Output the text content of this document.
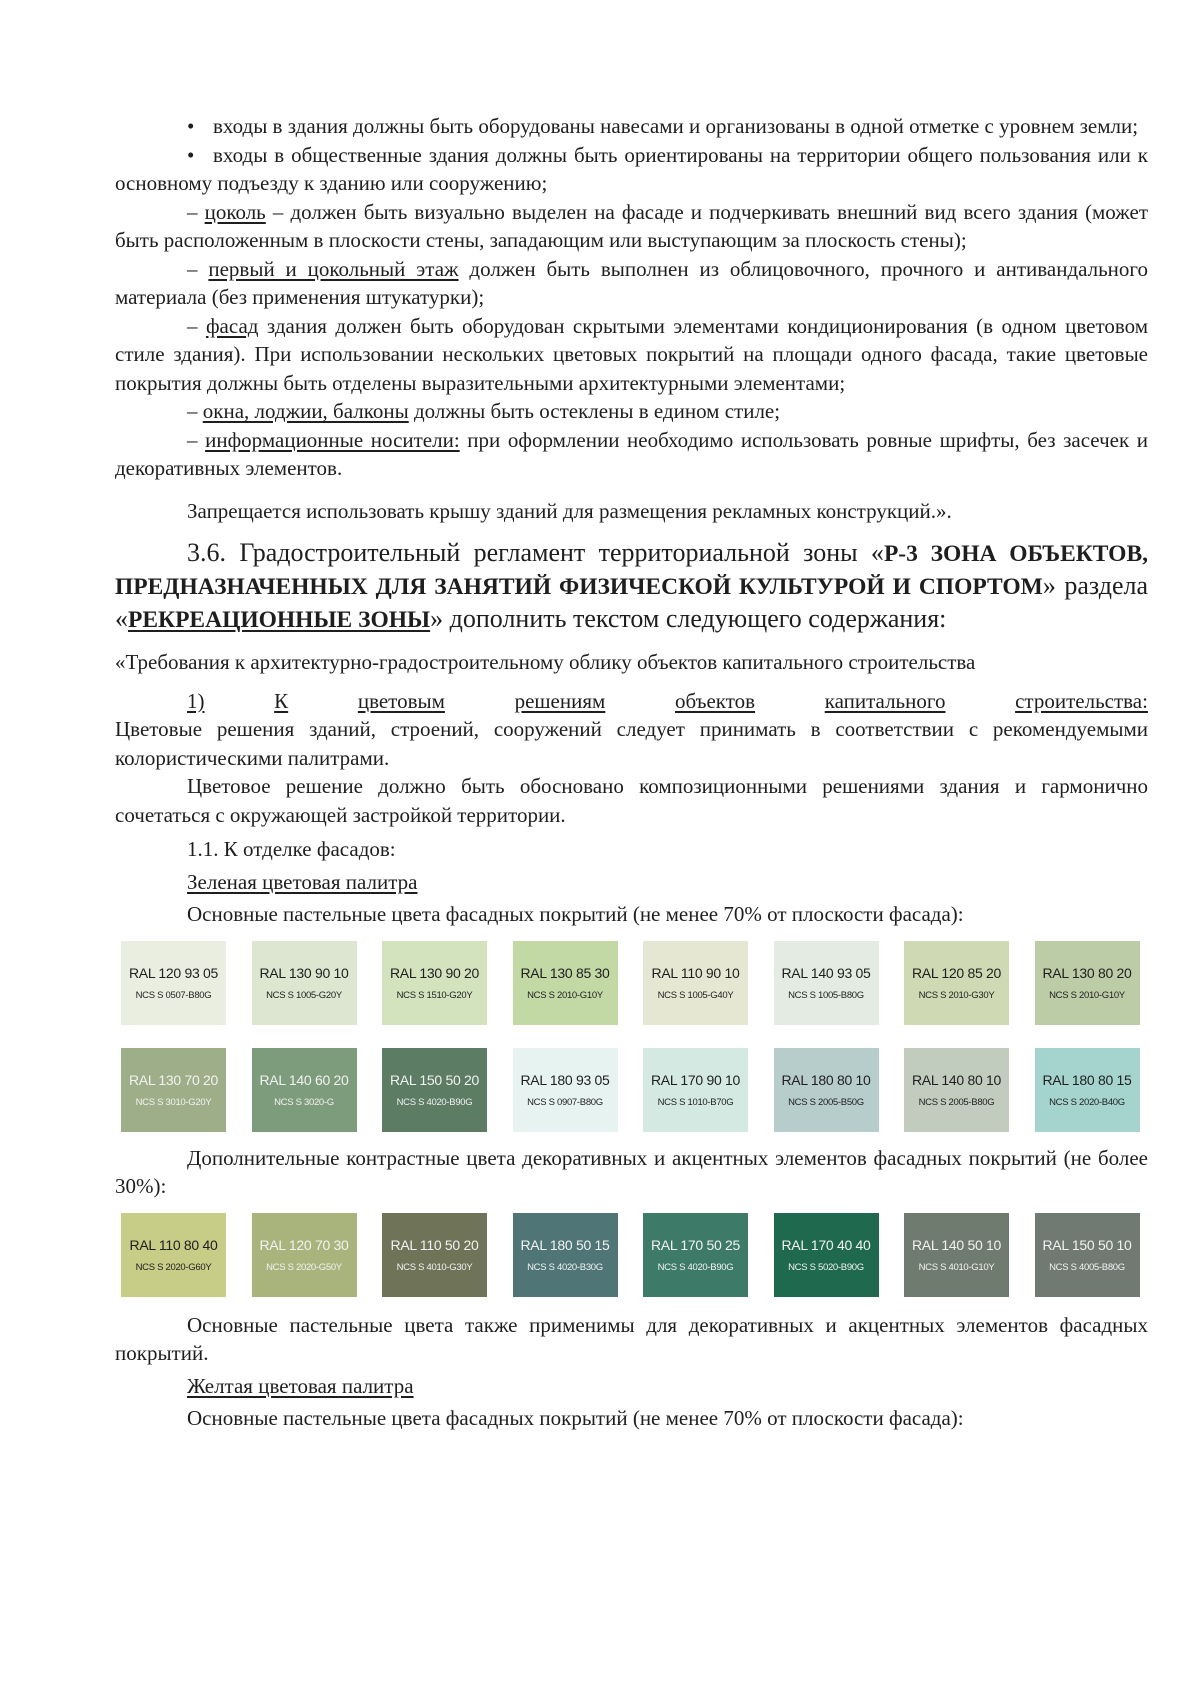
• входы в здания должны быть оборудованы навесами и организованы в одной отметке с уровнем земли;

• входы в общественные здания должны быть ориентированы на территории общего пользования или к основному подъезду к зданию или сооружению;

– цоколь – должен быть визуально выделен на фасаде и подчеркивать внешний вид всего здания (может быть расположенным в плоскости стены, западающим или выступающим за плоскость стены);

– первый и цокольный этаж должен быть выполнен из облицовочного, прочного и антивандального материала (без применения штукатурки);

– фасад здания должен быть оборудован скрытыми элементами кондиционирования (в одном цветовом стиле здания). При использовании нескольких цветовых покрытий на площади одного фасада, такие цветовые покрытия должны быть отделены выразительными архитектурными элементами;

– окна, лоджии, балконы должны быть остеклены в едином стиле;

– информационные носители: при оформлении необходимо использовать ровные шрифты, без засечек и декоративных элементов.

Запрещается использовать крышу зданий для размещения рекламных конструкций.».

3.6. Градостроительный регламент территориальной зоны «Р-3 ЗОНА ОБЪЕКТОВ, ПРЕДНАЗНАЧЕННЫХ ДЛЯ ЗАНЯТИЙ ФИЗИЧЕСКОЙ КУЛЬТУРОЙ И СПОРТОМ» раздела «РЕКРЕАЦИОННЫЕ ЗОНЫ» дополнить текстом следующего содержания:

«Требования к архитектурно-градостроительному облику объектов капитального строительства

1)	К	цветовым	решениям	объектов	капитального	строительства:

Цветовые решения зданий, строений, сооружений следует принимать в соответствии с рекомендуемыми колористическими палитрами.

Цветовое решение должно быть обосновано композиционными решениями здания и гармонично сочетаться с окружающей застройкой территории.

1.1. К отделке фасадов:

Зеленая цветовая палитра

Основные пастельные цвета фасадных покрытий (не менее 70% от плоскости фасада):

RAL 120 93 05
NCS S 0507-B80G
RAL 130 90 10
NCS S 1005-G20Y
RAL 130 90 20
NCS S 1510-G20Y
RAL 130 85 30
NCS S 2010-G10Y
RAL 110 90 10
NCS S 1005-G40Y
RAL 140 93 05
NCS S 1005-B80G
RAL 120 85 20
NCS S 2010-G30Y
RAL 130 80 20
NCS S 2010-G10Y
RAL 130 70 20
NCS S 3010-G20Y
RAL 140 60 20
NCS S 3020-G
RAL 150 50 20
NCS S 4020-B90G
RAL 180 93 05
NCS S 0907-B80G
RAL 170 90 10
NCS S 1010-B70G
RAL 180 80 10
NCS S 2005-B50G
RAL 140 80 10
NCS S 2005-B80G
RAL 180 80 15
NCS S 2020-B40G

Дополнительные контрастные цвета декоративных и акцентных элементов фасадных покрытий (не более 30%):

RAL 110 80 40
NCS S 2020-G60Y
RAL 120 70 30
NCS S 2020-G50Y
RAL 110 50 20
NCS S 4010-G30Y
RAL 180 50 15
NCS S 4020-B30G
RAL 170 50 25
NCS S 4020-B90G
RAL 170 40 40
NCS S 5020-B90G
RAL 140 50 10
NCS S 4010-G10Y
RAL 150 50 10
NCS S 4005-B80G

Основные пастельные цвета также применимы для декоративных и акцентных элементов фасадных покрытий.

Желтая цветовая палитра

Основные пастельные цвета фасадных покрытий (не менее 70% от плоскости фасада):
